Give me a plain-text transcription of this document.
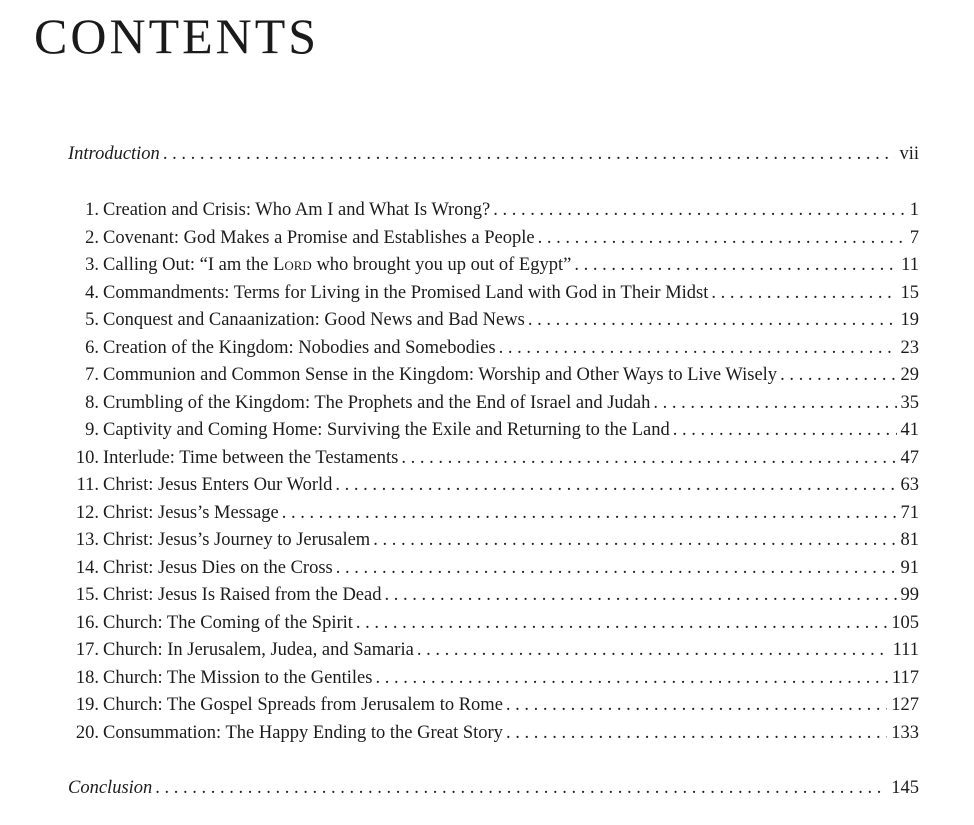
CONTENTS
Introduction . . .	vii
1. Creation and Crisis: Who Am I and What Is Wrong? . . .	1
2. Covenant: God Makes a Promise and Establishes a People . . .	7
3. Calling Out: “I am the Lord who brought you up out of Egypt” . . .	11
4. Commandments: Terms for Living in the Promised Land with God in Their Midst . . .	15
5. Conquest and Canaanization: Good News and Bad News . . .	19
6. Creation of the Kingdom: Nobodies and Somebodies . . .	23
7. Communion and Common Sense in the Kingdom: Worship and Other Ways to Live Wisely . . .	29
8. Crumbling of the Kingdom: The Prophets and the End of Israel and Judah . . .	35
9. Captivity and Coming Home: Surviving the Exile and Returning to the Land . . .	41
10. Interlude: Time between the Testaments . . .	47
11. Christ: Jesus Enters Our World . . .	63
12. Christ: Jesus’s Message . . .	71
13. Christ: Jesus’s Journey to Jerusalem . . .	81
14. Christ: Jesus Dies on the Cross . . .	91
15. Christ: Jesus Is Raised from the Dead . . .	99
16. Church: The Coming of the Spirit . . .	105
17. Church: In Jerusalem, Judea, and Samaria . . .	111
18. Church: The Mission to the Gentiles . . .	117
19. Church: The Gospel Spreads from Jerusalem to Rome . . .	127
20. Consummation: The Happy Ending to the Great Story . . .	133
Conclusion . . .	145
